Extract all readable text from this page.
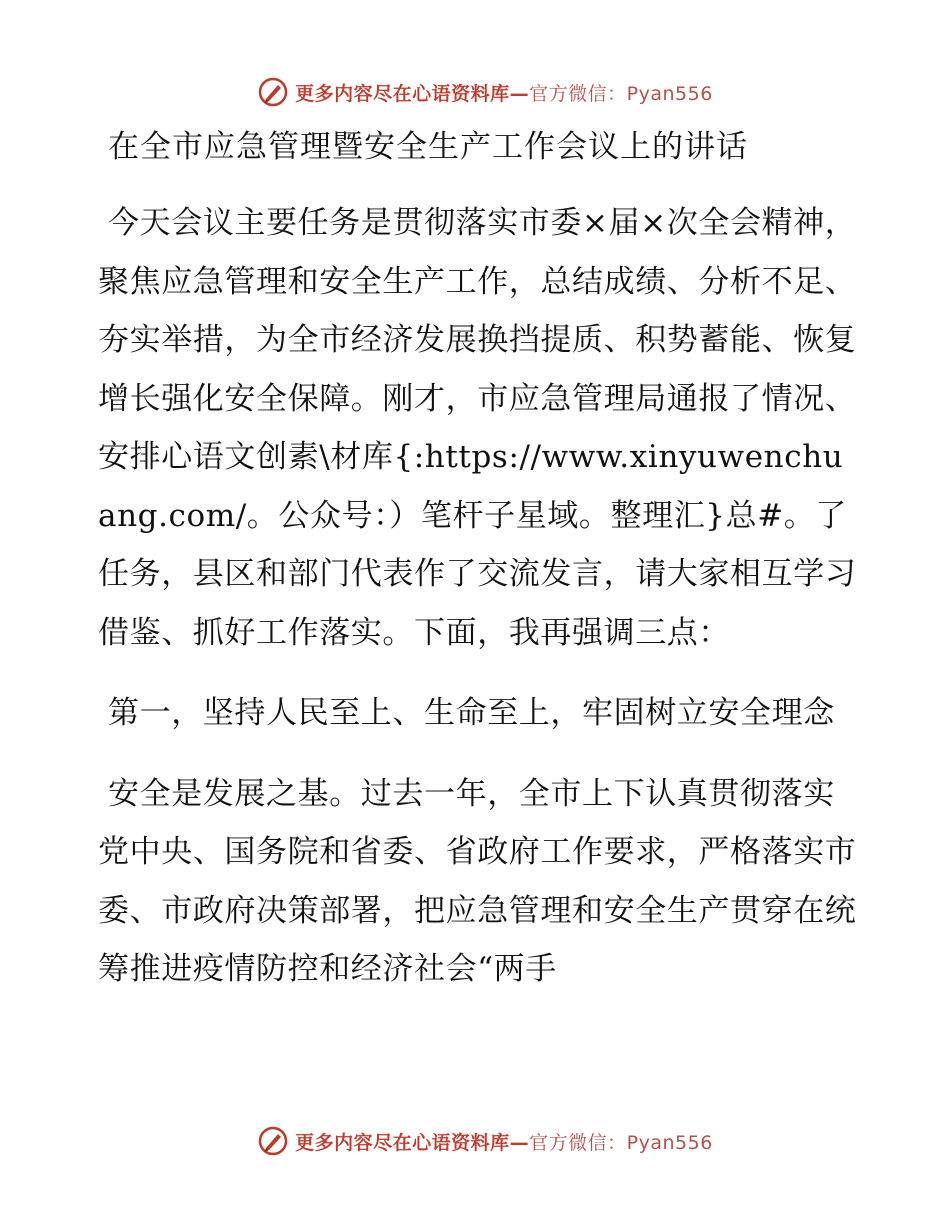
更多内容尽在心语资料库—官方微信：Pyan556
在全市应急管理暨安全生产工作会议上的讲话

今天会议主要任务是贯彻落实市委×届×次全会精神，聚焦应急管理和安全生产工作，总结成绩、分析不足、夯实举措，为全市经济发展换挡提质、积势蓄能、恢复增长强化安全保障。刚才，市应急管理局通报了情况、安排心语文创素\材库{:https://www.xinyuwenchuang.com/。公众号：）笔杆子星域。整理汇}总#。了任务，县区和部门代表作了交流发言，请大家相互学习借鉴、抓好工作落实。下面，我再强调三点：

第一，坚持人民至上、生命至上，牢固树立安全理念

安全是发展之基。过去一年，全市上下认真贯彻落实党中央、国务院和省委、省政府工作要求，严格落实市委、市政府决策部署，把应急管理和安全生产贯穿在统筹推进疫情防控和经济社会“两手

更多内容尽在心语资料库—官方微信：Pyan556
